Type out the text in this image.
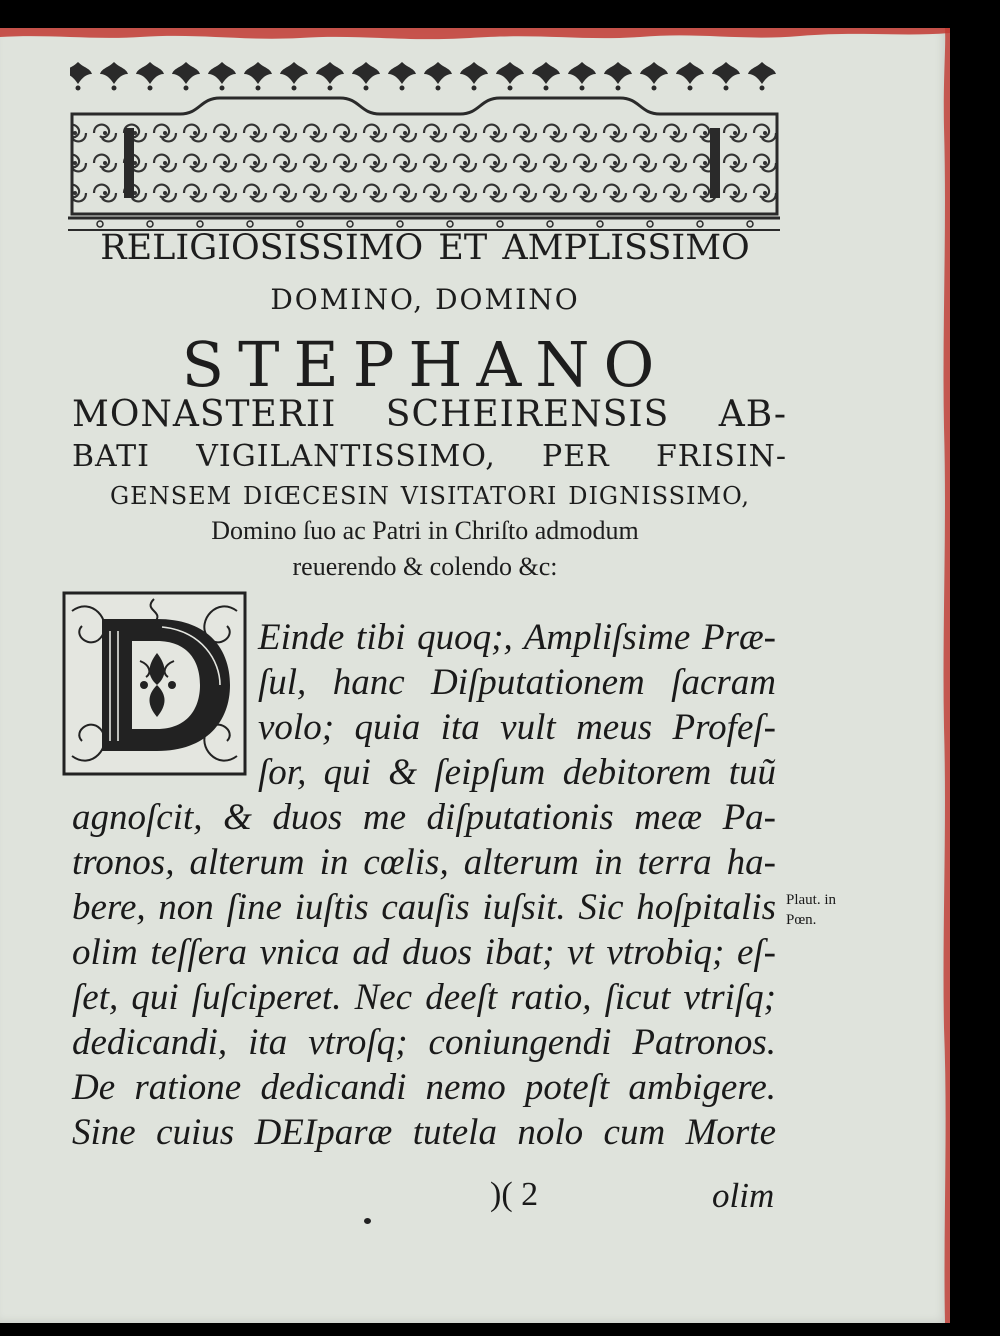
RELIGIOSISSIMO ET AMPLISSIMO
DOMINO, DOMINO
STEPHANO
MONASTERII SCHEIRENSIS AB-
BATI VIGILANTISSIMO, PER FRISIN-
GENSEM DIŒCESIN VISITATORI DIGNISSIMO,
Domino ſuo ac Patri in Chriſto admodum
reuerendo & colendo &c:
Einde tibi quoq;, Ampliſsime Præ-
ſul, hanc Diſputationem ſacram
volo; quia ita vult meus Profeſ-
ſor, qui & ſeipſum debitorem tuũ
agnoſcit, & duos me diſputationis meæ Pa-
tronos, alterum in cœlis, alterum in terra ha-
bere, non ſine iuſtis cauſis iuſsit. Sic hoſpitalis
olim teſſera vnica ad duos ibat; vt vtrobiq; eſ-
ſet, qui ſuſciperet. Nec deeſt ratio, ſicut vtriſq;
dedicandi, ita vtroſq; coniungendi Patronos.
De ratione dedicandi nemo poteſt ambigere.
Sine cuius DEIparæ tutela nolo cum Morte
Plaut. in
Pœn.
)( 2	olim
